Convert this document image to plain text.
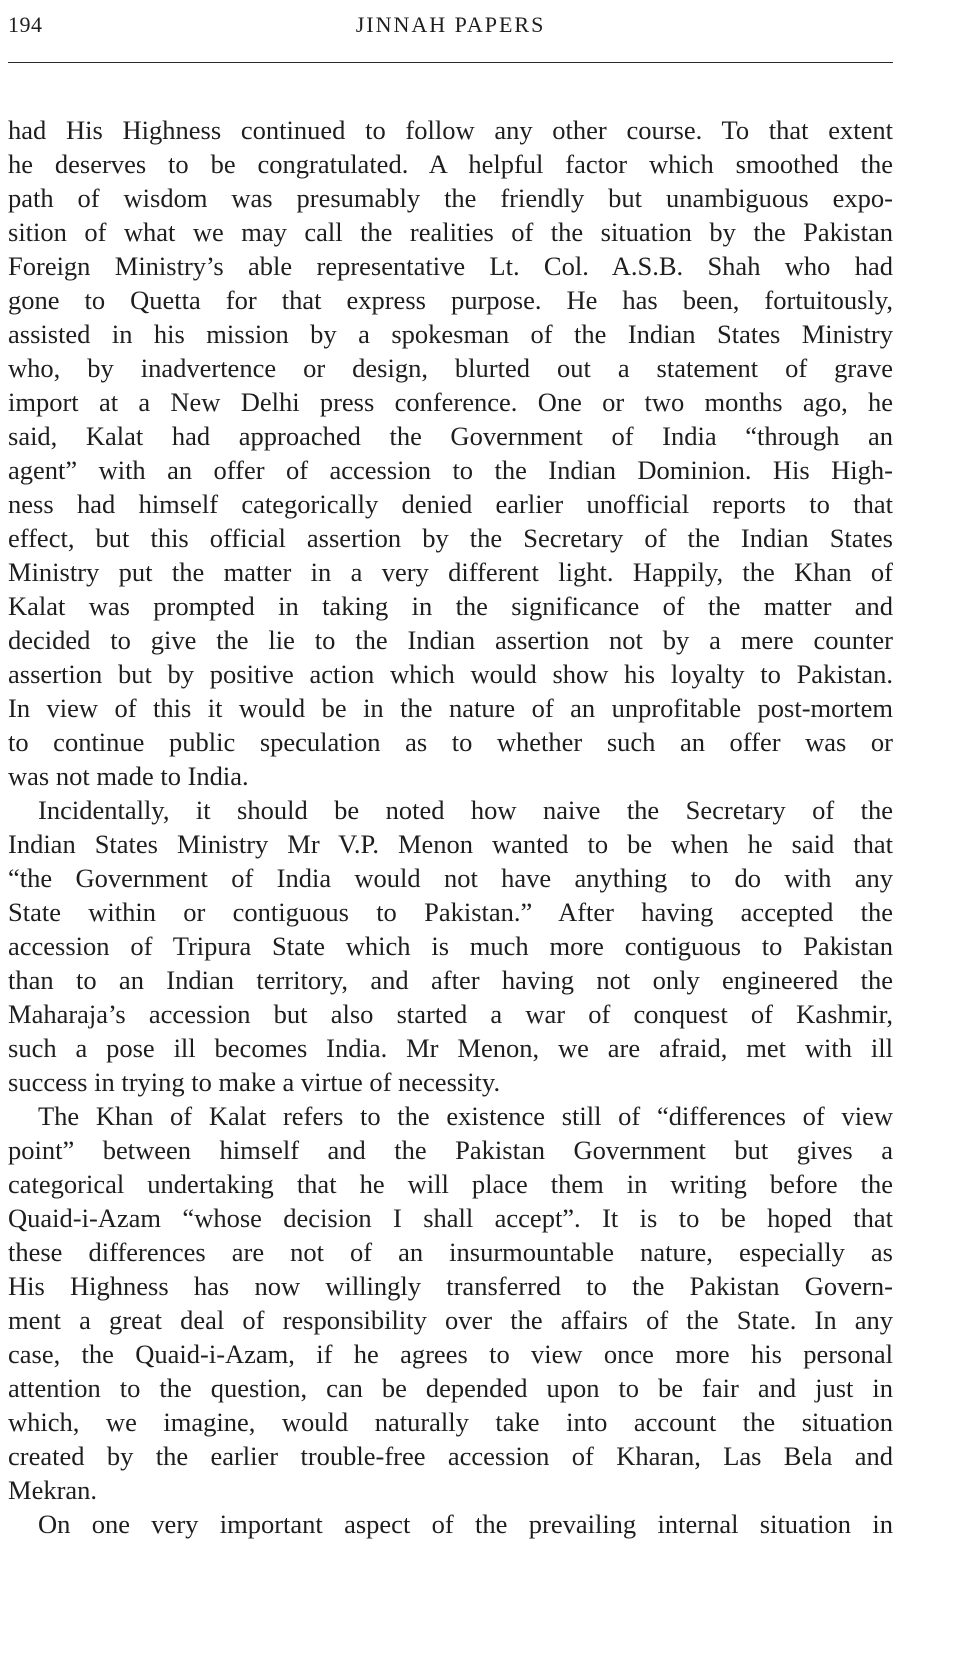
194	JINNAH PAPERS
had His Highness continued to follow any other course. To that extent
he deserves to be congratulated. A helpful factor which smoothed the
path of wisdom was presumably the friendly but unambiguous expo-
sition of what we may call the realities of the situation by the Pakistan
Foreign Ministry’s able representative Lt. Col. A.S.B. Shah who had
gone to Quetta for that express purpose. He has been, fortuitously,
assisted in his mission by a spokesman of the Indian States Ministry
who, by inadvertence or design, blurted out a statement of grave
import at a New Delhi press conference. One or two months ago, he
said, Kalat had approached the Government of India “through an
agent” with an offer of accession to the Indian Dominion. His High-
ness had himself categorically denied earlier unofficial reports to that
effect, but this official assertion by the Secretary of the Indian States
Ministry put the matter in a very different light. Happily, the Khan of
Kalat was prompted in taking in the significance of the matter and
decided to give the lie to the Indian assertion not by a mere counter
assertion but by positive action which would show his loyalty to Pakistan.
In view of this it would be in the nature of an unprofitable post-mortem
to continue public speculation as to whether such an offer was or
was not made to India.
Incidentally, it should be noted how naive the Secretary of the
Indian States Ministry Mr V.P. Menon wanted to be when he said that
“the Government of India would not have anything to do with any
State within or contiguous to Pakistan.” After having accepted the
accession of Tripura State which is much more contiguous to Pakistan
than to an Indian territory, and after having not only engineered the
Maharaja’s accession but also started a war of conquest of Kashmir,
such a pose ill becomes India. Mr Menon, we are afraid, met with ill
success in trying to make a virtue of necessity.
The Khan of Kalat refers to the existence still of “differences of view
point” between himself and the Pakistan Government but gives a
categorical undertaking that he will place them in writing before the
Quaid-i-Azam “whose decision I shall accept”. It is to be hoped that
these differences are not of an insurmountable nature, especially as
His Highness has now willingly transferred to the Pakistan Govern-
ment a great deal of responsibility over the affairs of the State. In any
case, the Quaid-i-Azam, if he agrees to view once more his personal
attention to the question, can be depended upon to be fair and just in
which, we imagine, would naturally take into account the situation
created by the earlier trouble-free accession of Kharan, Las Bela and
Mekran.
On one very important aspect of the prevailing internal situation in
